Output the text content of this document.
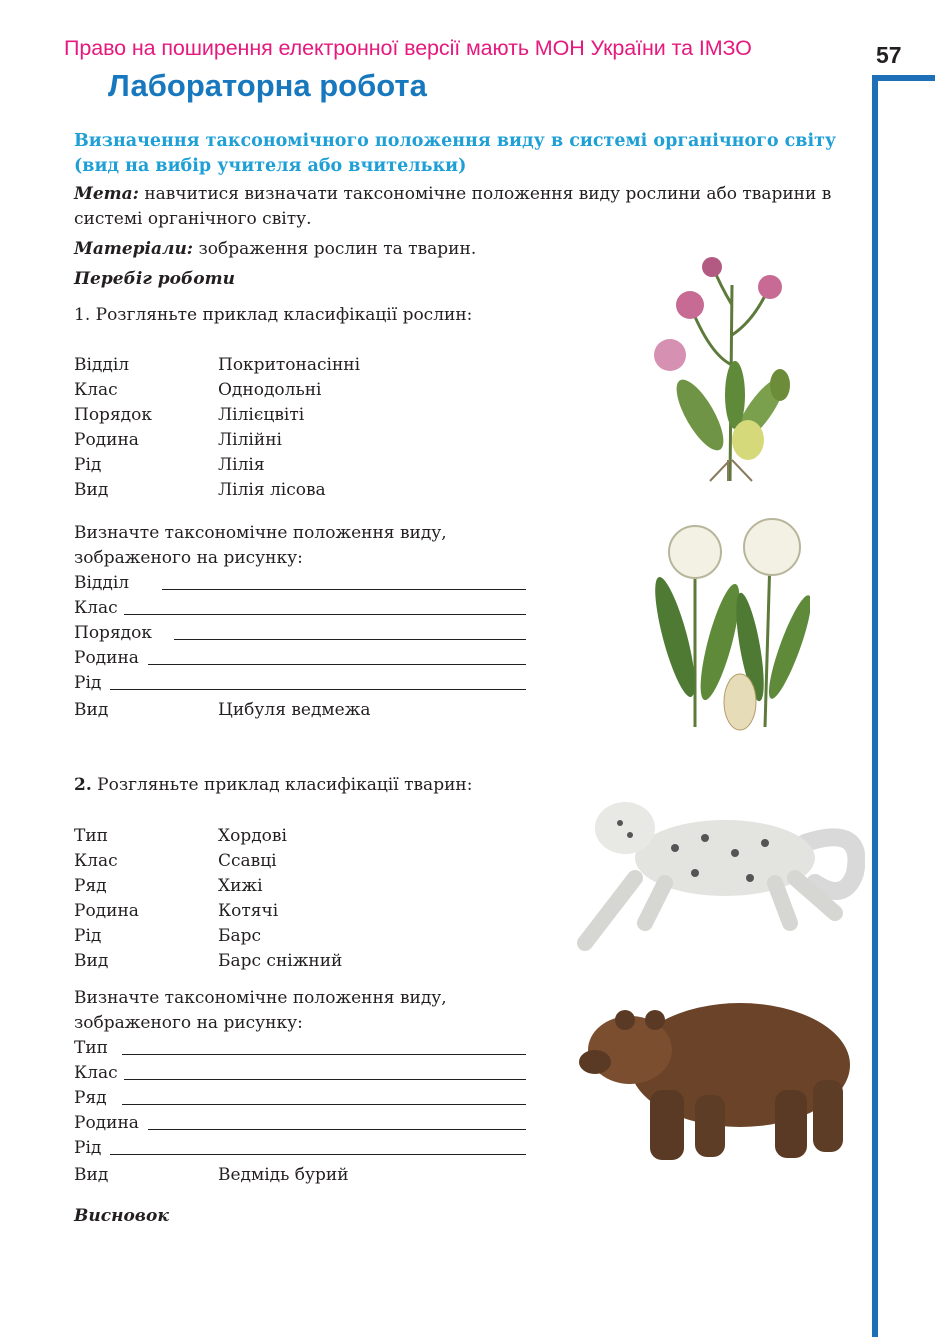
Право на поширення електронної версії мають МОН України та ІМЗО	57
Лабораторна робота
Визначення таксономічного положення виду в системі органічного світу (вид на вибір учителя або вчительки)
Мета: навчитися визначати таксономічне положення виду рослини або тварини в системі органічного світу.
Матеріали: зображення рослин та тварин.
Перебіг роботи
1. Розгляньте приклад класифікації рослин:
Відділ	Покритонасінні
Клас	Однодольні
Порядок	Лілієцвіті
Родина	Лілійні
Рід	Лілія
Вид	Лілія лісова
Визначте таксономічне положення виду,
зображеного на рисунку:
Відділ
Клас
Порядок
Родина
Рід
Вид	Цибуля ведмежа
2. Розгляньте приклад класифікації тварин:
Тип	Хордові
Клас	Ссавці
Ряд	Хижі
Родина	Котячі
Рід	Барс
Вид	Барс сніжний
Визначте таксономічне положення виду,
зображеного на рисунку:
Тип
Клас
Ряд
Родина
Рід
Вид	Ведмідь бурий
Висновок
